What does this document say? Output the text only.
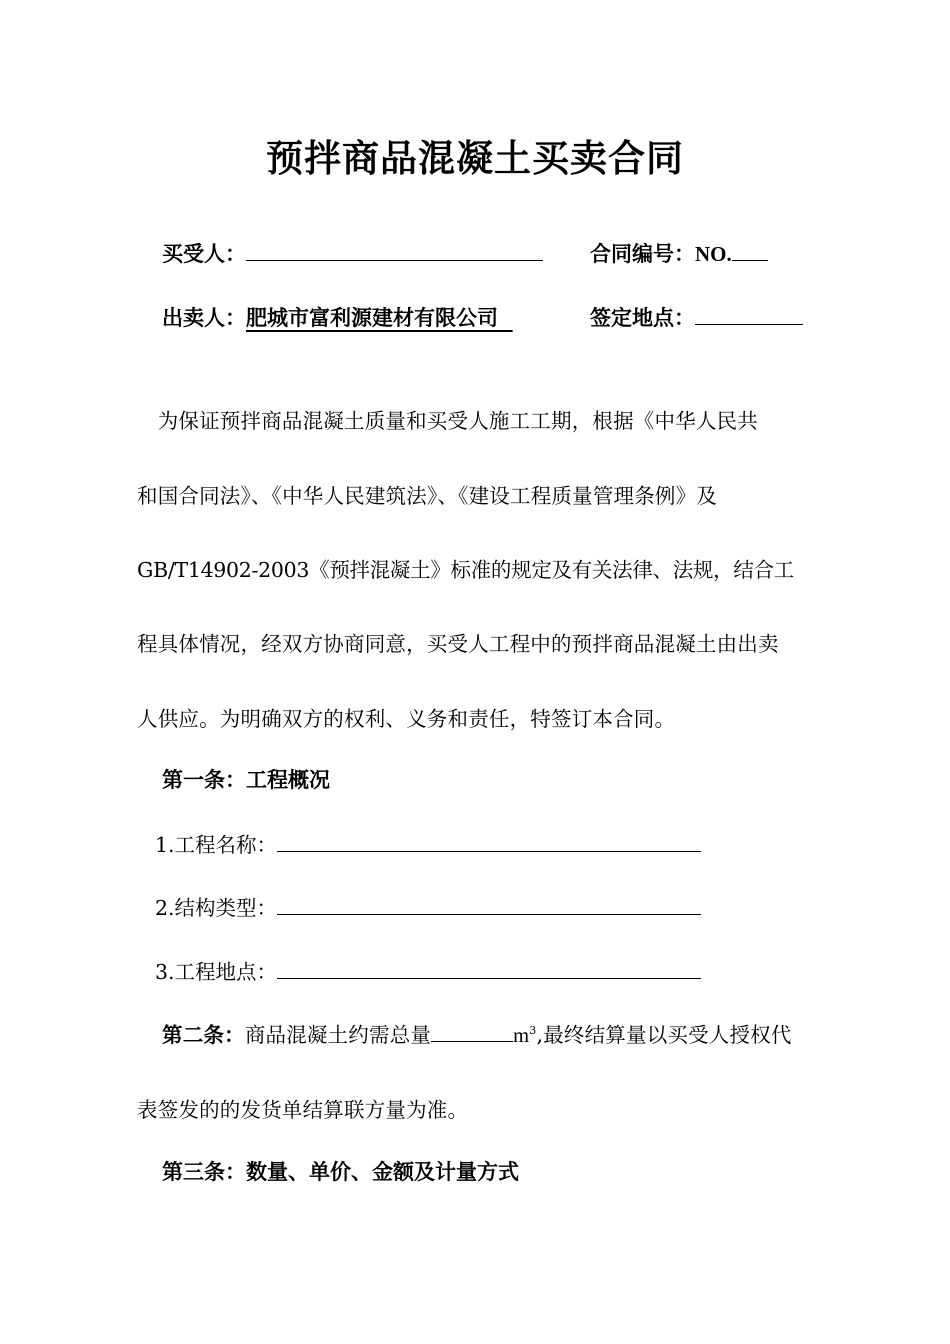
预拌商品混凝土买卖合同
买受人：	合同编号：NO.
出卖人：肥城市富利源建材有限公司	签定地点：
　为保证预拌商品混凝土质量和买受人施工工期，根据《中华人民共
和国合同法》、《中华人民建筑法》、《建设工程质量管理条例》及
GB/T14902-2003《预拌混凝土》标准的规定及有关法律、法规，结合工
程具体情况，经双方协商同意，买受人工程中的预拌商品混凝土由出卖
人供应。为明确双方的权利、义务和责任，特签订本合同。
第一条：工程概况
1.工程名称：
2.结构类型：
3.工程地点：
第二条：商品混凝土约需总量	$m^3$,最终结算量以买受人授权代
表签发的的发货单结算联方量为准。
第三条：数量、单价、金额及计量方式
